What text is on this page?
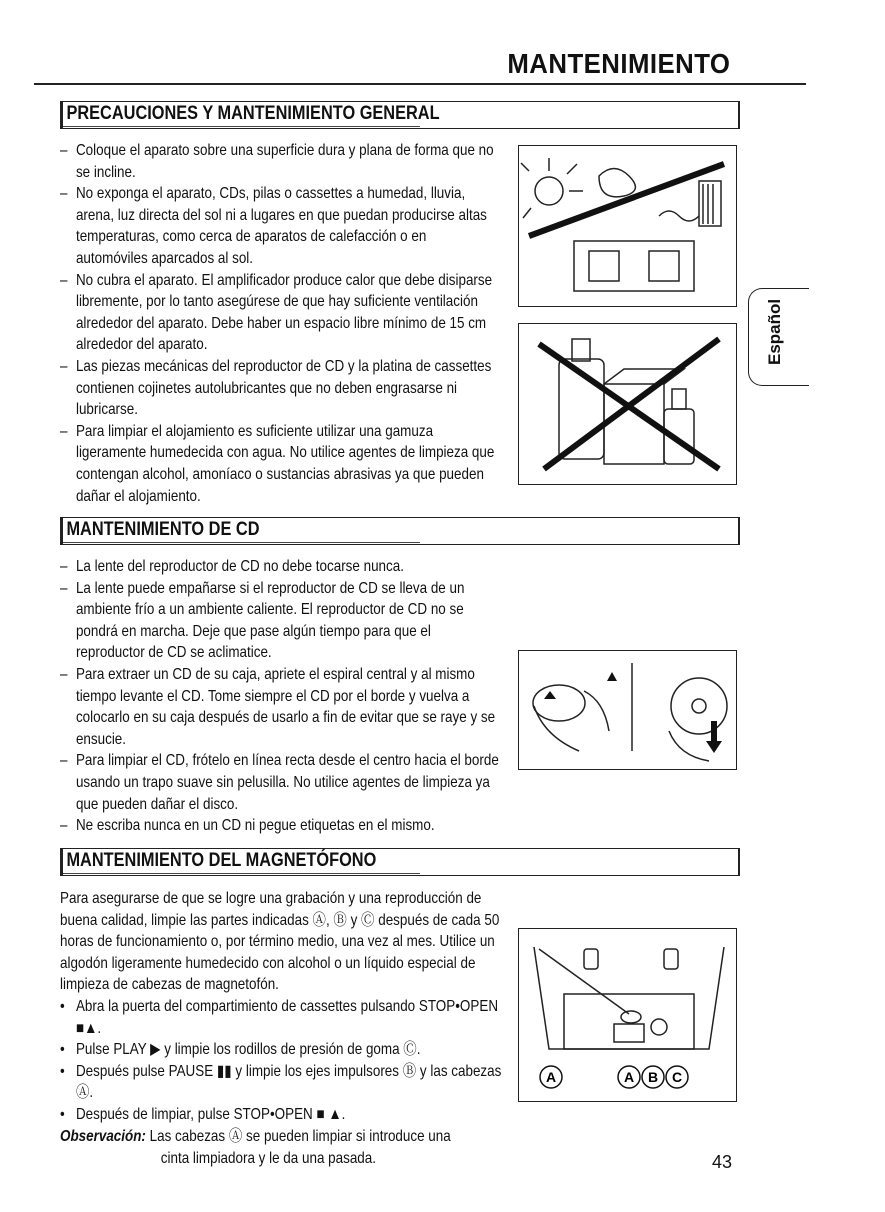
MANTENIMIENTO
Español
PRECAUCIONES Y MANTENIMIENTO GENERAL
– Coloque el aparato sobre una superficie dura y plana de forma que no se incline.
– No exponga el aparato, CDs, pilas o cassettes a humedad, lluvia, arena, luz directa del sol ni a lugares en que puedan producirse altas temperaturas, como cerca de aparatos de calefacción o en automóviles aparcados al sol.
– No cubra el aparato. El amplificador produce calor que debe disiparse libremente, por lo tanto asegúrese de que hay suficiente ventilación alrededor del aparato. Debe haber un espacio libre mínimo de 15 cm alrededor del aparato.
– Las piezas mecánicas del reproductor de CD y la platina de cassettes contienen cojinetes autolubricantes que no deben engrasarse ni lubricarse.
– Para limpiar el alojamiento es suficiente utilizar una gamuza ligeramente humedecida con agua. No utilice agentes de limpieza que contengan alcohol, amoníaco o sustancias abrasivas ya que pueden dañar el alojamiento.
MANTENIMIENTO DE CD
– La lente del reproductor de CD no debe tocarse nunca.
– La lente puede empañarse si el reproductor de CD se lleva de un ambiente frío a un ambiente caliente. El reproductor de CD no se pondrá en marcha. Deje que pase algún tiempo para que el reproductor de CD se aclimatice.
– Para extraer un CD de su caja, apriete el espiral central y al mismo tiempo levante el CD. Tome siempre el CD por el borde y vuelva a colocarlo en su caja después de usarlo a fin de evitar que se raye y se ensucie.
– Para limpiar el CD, frótelo en línea recta desde el centro hacia el borde usando un trapo suave sin pelusilla. No utilice agentes de limpieza ya que pueden dañar el disco.
– Ne escriba nunca en un CD ni pegue etiquetas en el mismo.
MANTENIMIENTO DEL MAGNETÓFONO
Para asegurarse de que se logre una grabación y una reproducción de buena calidad, limpie las partes indicadas Ⓐ, Ⓑ y Ⓒ después de cada 50 horas de funcionamiento o, por término medio, una vez al mes. Utilice un algodón ligeramente humedecido con alcohol o un líquido especial de limpieza de cabezas de magnetofón.
• Abra la puerta del compartimiento de cassettes pulsando STOP•OPEN ■▲.
• Pulse PLAY ▶ y limpie los rodillos de presión de goma Ⓒ.
• Después pulse PAUSE ▮▮ y limpie los ejes impulsores Ⓑ y las cabezas Ⓐ.
• Después de limpiar, pulse STOP•OPEN ■ ▲.
Observación: Las cabezas Ⓐ se pueden limpiar si introduce una
cinta limpiadora y le da una pasada.
A	A B C
43
